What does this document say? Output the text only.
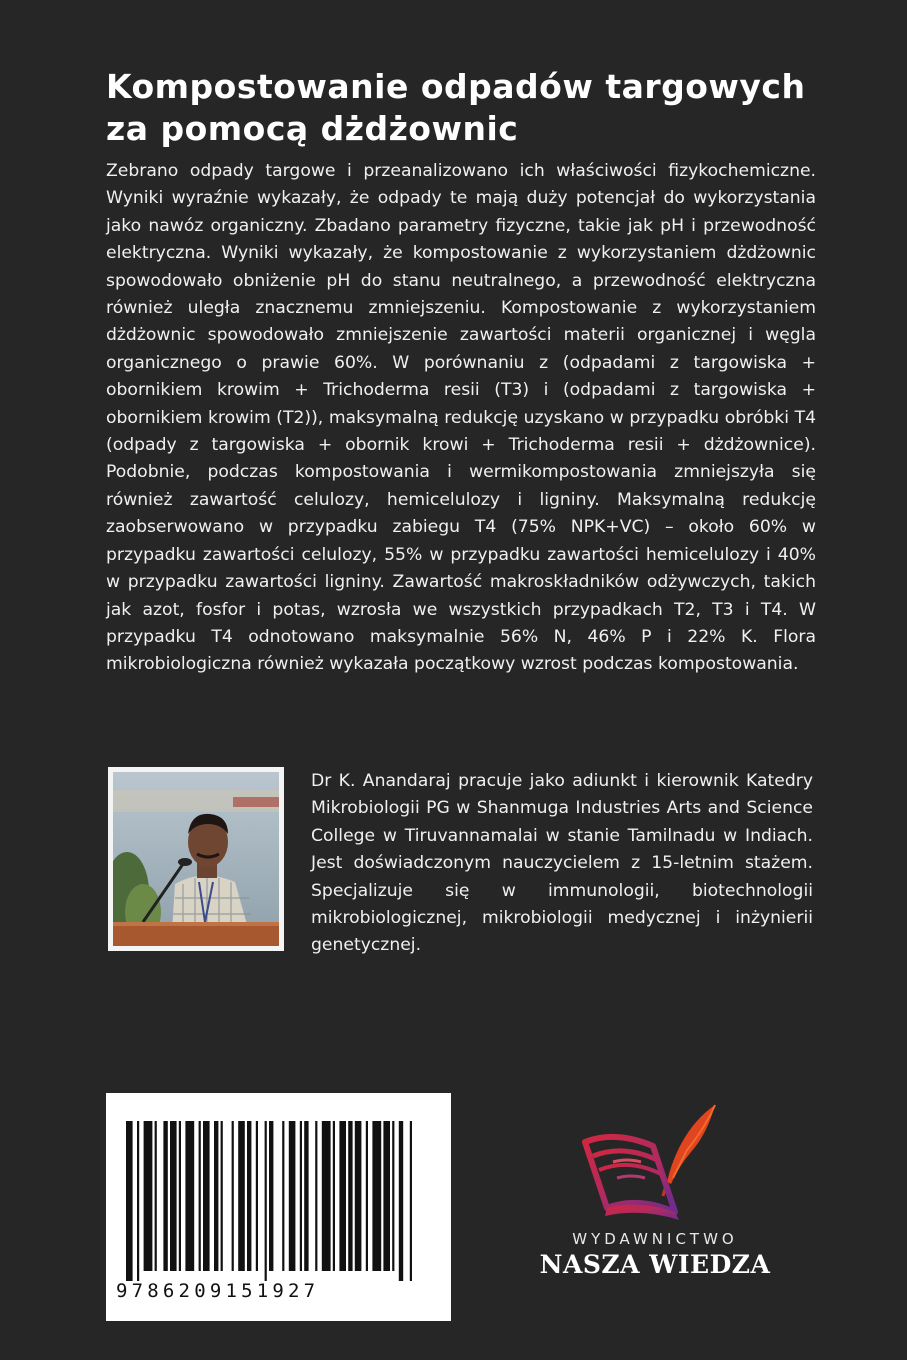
Kompostowanie odpadów targowych za pomocą dżdżownic

Zebrano odpady targowe i przeanalizowano ich właściwości fizykochemiczne. Wyniki wyraźnie wykazały, że odpady te mają duży potencjał do wykorzystania jako nawóz organiczny. Zbadano parametry fizyczne, takie jak pH i przewodność elektryczna. Wyniki wykazały, że kompostowanie z wykorzystaniem dżdżownic spowodowało obniżenie pH do stanu neutralnego, a przewodność elektryczna również uległa znacznemu zmniejszeniu. Kompostowanie z wykorzystaniem dżdżownic spowodowało zmniejszenie zawartości materii organicznej i węgla organicznego o prawie 60%. W porównaniu z (odpadami z targowiska + obornikiem krowim + Trichoderma resii (T3) i (odpadami z targowiska + obornikiem krowim (T2)), maksymalną redukcję uzyskano w przypadku obróbki T4 (odpady z targowiska + obornik krowi + Trichoderma resii + dżdżownice). Podobnie, podczas kompostowania i wermikompostowania zmniejszyła się również zawartość celulozy, hemicelulozy i ligniny. Maksymalną redukcję zaobserwowano w przypadku zabiegu T4 (75% NPK+VC) – około 60% w przypadku zawartości celulozy, 55% w przypadku zawartości hemicelulozy i 40% w przypadku zawartości ligniny. Zawartość makroskładników odżywczych, takich jak azot, fosfor i potas, wzrosła we wszystkich przypadkach T2, T3 i T4. W przypadku T4 odnotowano maksymalnie 56% N, 46% P i 22% K. Flora mikrobiologiczna również wykazała początkowy wzrost podczas kompostowania.

Dr K. Anandaraj pracuje jako adiunkt i kierownik Katedry Mikrobiologii PG w Shanmuga Industries Arts and Science College w Tiruvannamalai w stanie Tamilnadu w Indiach. Jest doświadczonym nauczycielem z 15-letnim stażem. Specjalizuje się w immunologii, biotechnologii mikrobiologicznej, mikrobiologii medycznej i inżynierii genetycznej.

9786209151927
WYDAWNICTWO
NASZA WIEDZA
